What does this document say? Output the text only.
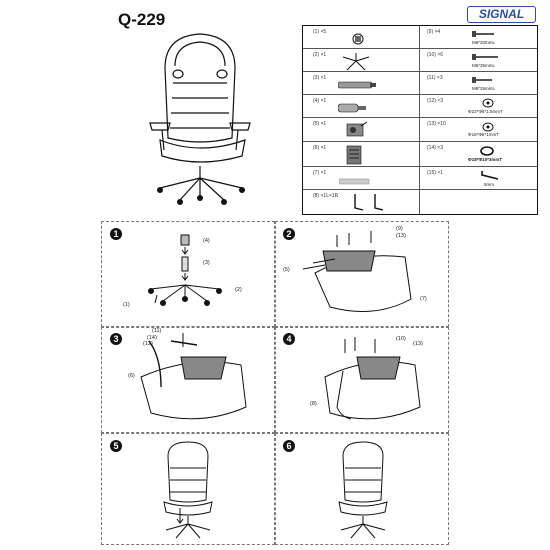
Q-229	SIGNAL
(1) ×5	(9) ×4
M6*20mmL
(2) ×1	(10) ×6
M6*35mmL
(3) ×1	(11) ×3
M8*25mmL
(4) ×1	(12) ×3
Φ22*Φ8*1.5mmT
(5) ×1	(13) ×10
Φ16*Φ6*1mmT
(6) ×1	(14) ×3
Φ18*Φ10*3mmT
(7) ×1	(15) ×1
5mm
(8) ×1L×1R
1	2
3	4
5	6
(4)
(3)
(2)
(1)
(9)
(13)
(5)
(7)
(11)
(14)
(12)
(6)
(10)
(13)
(8)
